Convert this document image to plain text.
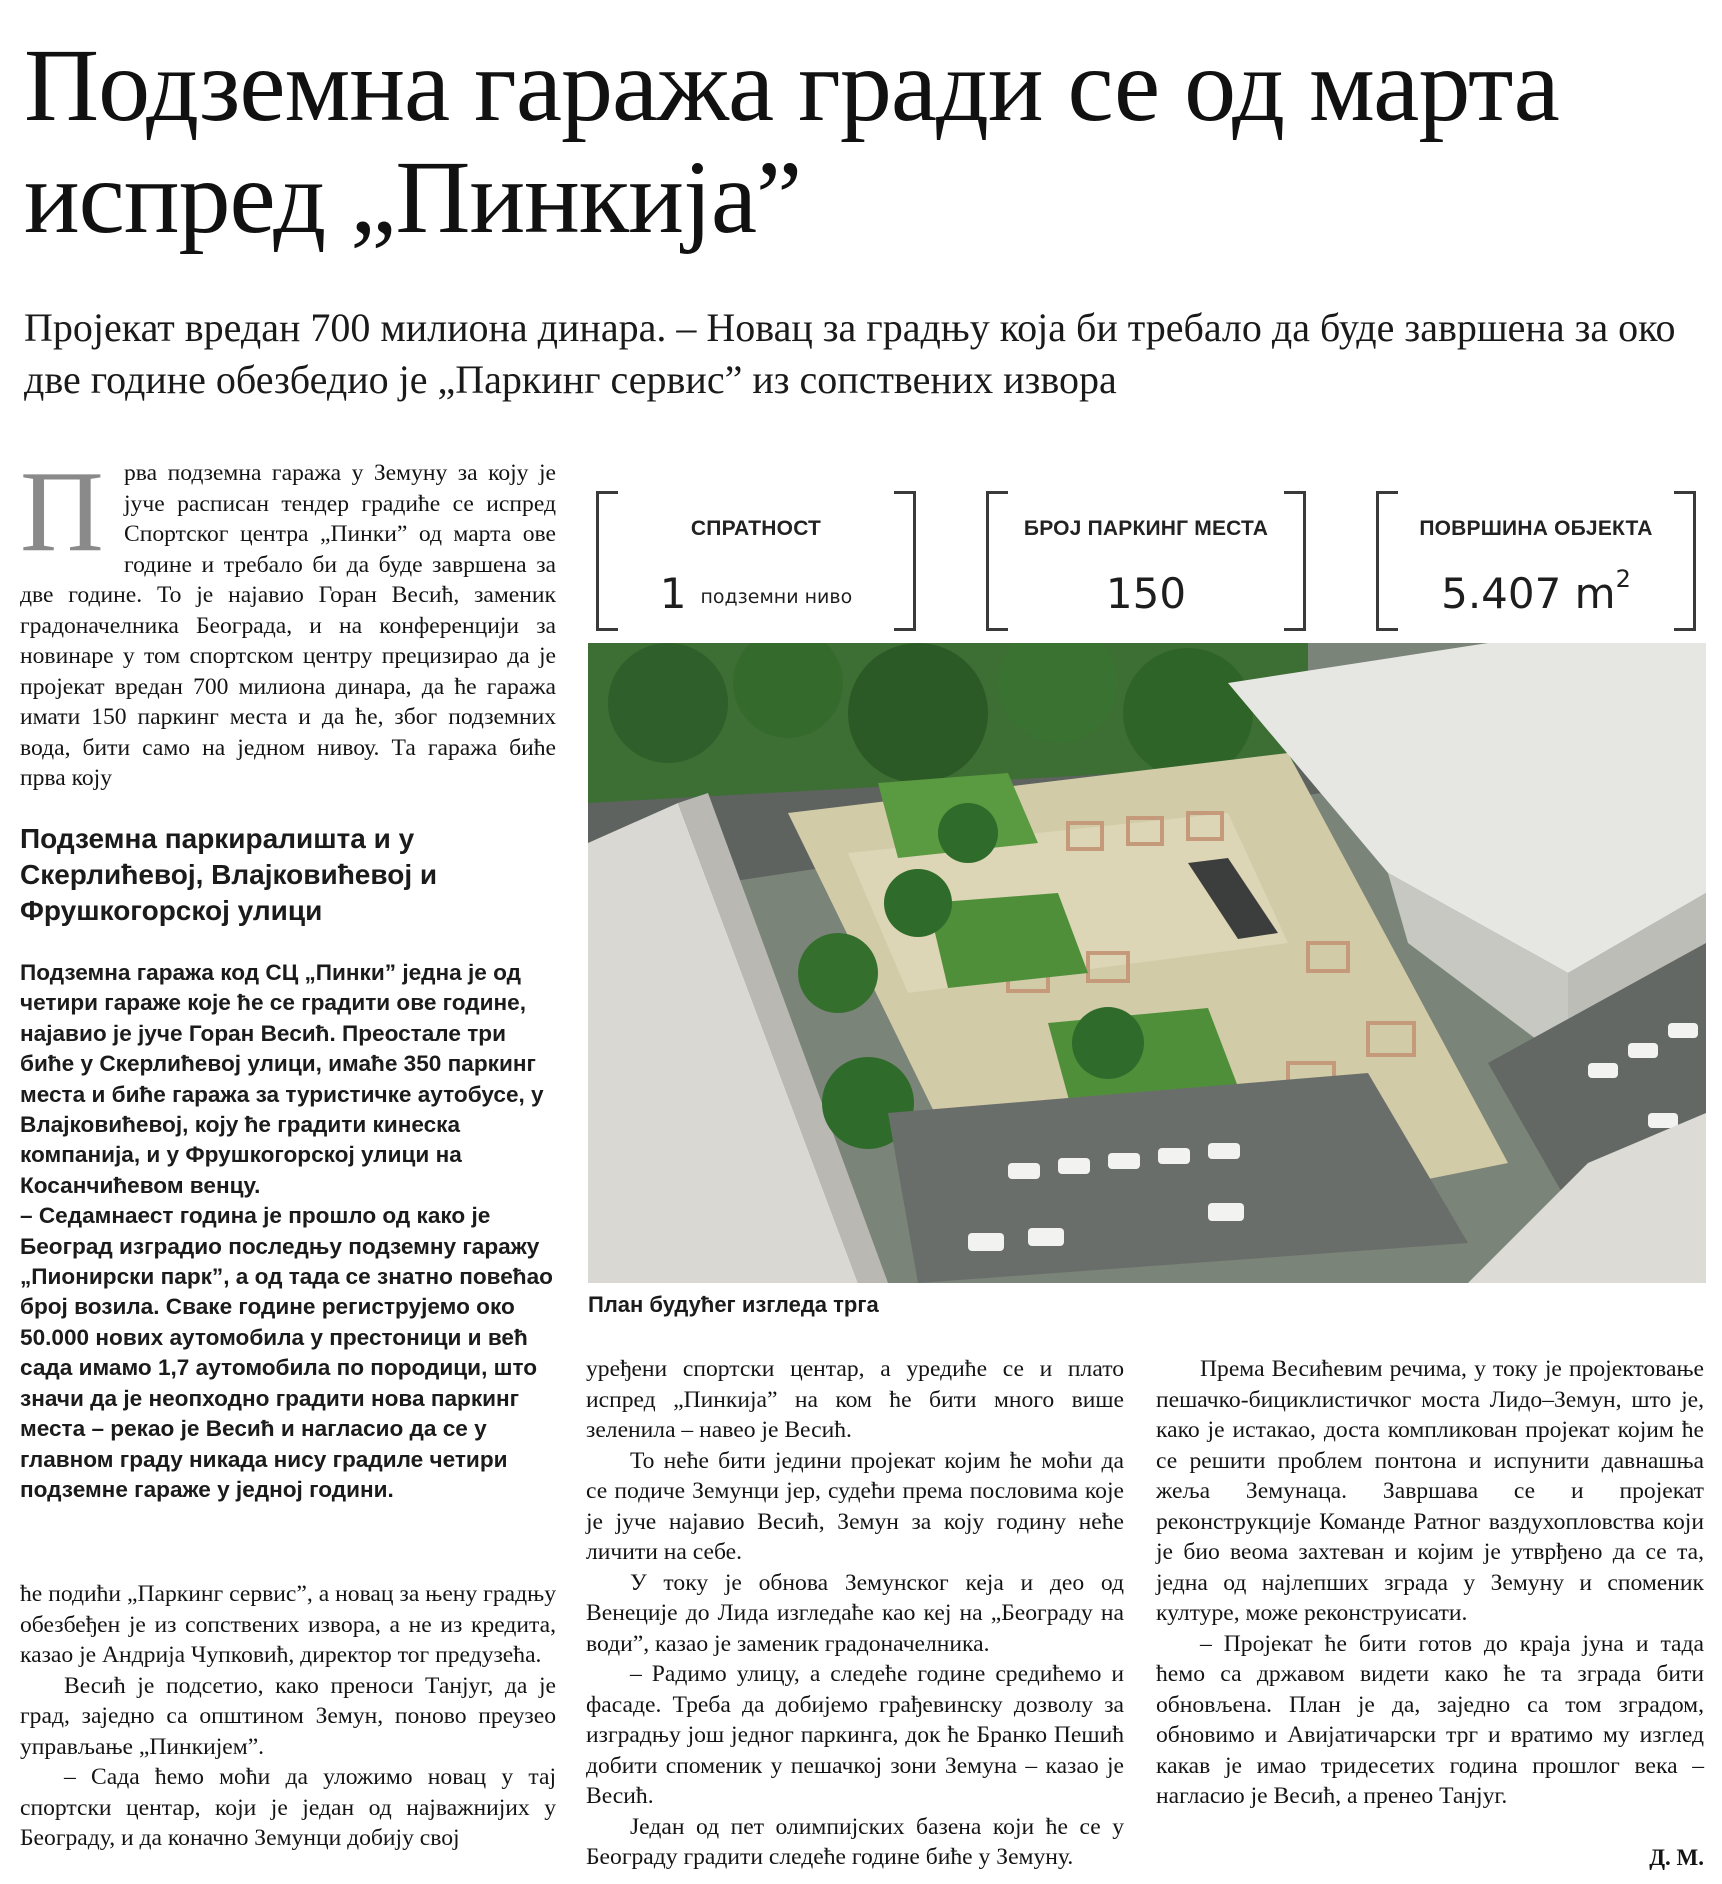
Подземна гаража гради се од марта испред „Пинкија”
Пројекат вредан 700 милиона динара. – Новац за градњу која би требало да буде завршена за око две године обезбедио је „Паркинг сервис” из сопствених извора
Прва подземна гаража у Земуну за коју је јуче расписан тендер градиће се испред Спортског центра „Пинки” од марта ове године и требало би да буде завршена за две године. То је најавио Горан Весић, заменик градоначелника Београда, и на конференцији за новинаре у том спортском центру прецизирао да је пројекат вредан 700 милиона динара, да ће гаража имати 150 паркинг места и да ће, због подземних вода, бити само на једном нивоу. Та гаража биће прва коју
Подземна паркиралишта и у Скерлићевој, Влајковићевој и Фрушкогорској улици

Подземна гаража код СЦ „Пинки” једна је од четири гараже које ће се градити ове године, најавио је јуче Горан Весић. Преостале три биће у Скерлићевој улици, имаће 350 паркинг места и биће гаража за туристичке аутобусе, у Влајковићевој, коју ће градити кинеска компанија, и у Фрушкогорској улици на Косанчићевом венцу.

– Седамнаест година је прошло од како је Београд изградио последњу подземну гаражу „Пионирски парк”, а од тада се знатно повећао број возила. Сваке године региструјемо око 50.000 нових аутомобила у престоници и већ сада имамо 1,7 аутомобила по породици, што значи да је неопходно градити нова паркинг места – рекао је Весић и нагласио да се у главном граду никада нису градиле четири подземне гараже у једној години.

ће подићи „Паркинг сервис”, а новац за њену градњу обезбеђен је из сопствених извора, а не из кредита, казао је Андрија Чупковић, директор тог предузећа.

Весић је подсетио, како преноси Танјуг, да је град, заједно са општином Земун, поново преузео управљање „Пинкијем”.

– Сада ћемо моћи да уложимо новац у тај спортски центар, који је један од најважнијих у Београду, и да коначно Земунци добију свој

СПРАТНОСТ
1 подземни ниво
БРОЈ ПАРКИНГ МЕСТА
150
ПОВРШИНА ОБЈЕКТА
5.407 $m^2$
План будућег изгледа трга

уређени спортски центар, а уредиће се и плато испред „Пинкија” на ком ће бити много више зеленила – навео је Весић.

То неће бити једини пројекат којим ће моћи да се подиче Земунци јер, судећи према пословима које је јуче најавио Весић, Земун за коју годину неће личити на себе.

У току је обнова Земунског кеја и део од Венеције до Лида изгледаће као кеј на „Београду на води”, казао је заменик градоначелника.

– Радимо улицу, а следеће године средићемо и фасаде. Треба да добијемо грађевинску дозволу за изградњу још једног паркинга, док ће Бранко Пешић добити споменик у пешачкој зони Земуна – казао је Весић.

Један од пет олимпијских базена који ће се у Београду градити следеће године биће у Земуну.

Према Весићевим речима, у току је пројектовање пешачко-бициклистичког моста Лидо–Земун, што је, како је истакао, доста компликован пројекат којим ће се решити проблем понтона и испунити давнашња жеља Земунаца. Завршава се и пројекат реконструкције Команде Ратног ваздухопловства који је био веома захтеван и којим је утврђено да се та, једна од најлепших зграда у Земуну и споменик културе, може реконструисати.

– Пројекат ће бити готов до краја јуна и тада ћемо са државом видети како ће та зграда бити обновљена. План је да, заједно са том зградом, обновимо и Авијатичарски трг и вратимо му изглед какав је имао тридесетих година прошлог века – нагласио је Весић, а пренео Танјуг.

Д. М.
